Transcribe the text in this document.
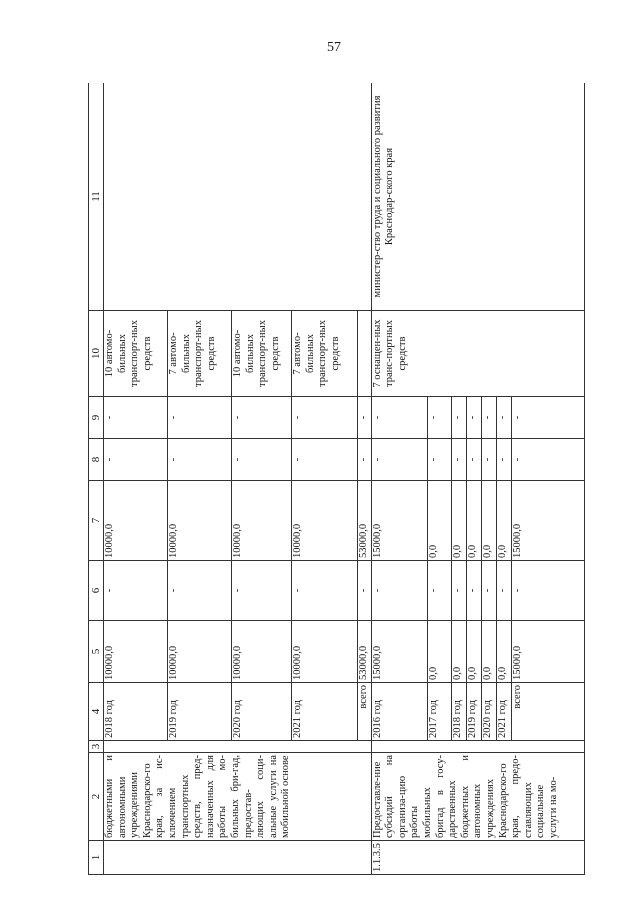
57
1	2	3	4	5	6	7	8	9	10	11
	бюджетными и автономными учреждениями Краснодарско-го края, за ис-ключением транспортных средств, пред-назначенных для работы мо-бильных бри-гад, предостав-ляющих соци-альные услуги на мобильной основе		2018 год	10000,0	-	10000,0	-	-	10 автомо-бильных транспорт-ных средств	
			2019 год	10000,0	-	10000,0	-	-	7 автомо-бильных транспорт-ных средств	
			2020 год	10000,0	-	10000,0	-	-	10 автомо-бильных транспорт-ных средств	
			2021 год	10000,0	-	10000,0	-	-	7 автомо-бильных транспорт-ных средств	
			всего	53000,0	-	53000,0	-	-		
1.1.3.5	Предоставле-ние субсидий на организа-цию работы мобильных бригад в госу-дарственных бюджетных и автономных учреждениях Краснодарско-го края, предо-ставляющих социальные услуги на мо-		2016 год	15000,0	-	15000,0	-	-	7 оснащен-ных транс-портных средств	министер-ство труда и социального развития Краснодар-ского края
			2017 год	0,0	-	0,0	-	-		
			2018 год	0,0	-	0,0	-	-		
			2019 год	0,0	-	0,0	-	-		
			2020 год	0,0	-	0,0	-	-		
			2021 год	0,0	-	0,0	-	-		
			всего	15000,0	-	15000,0	-	-		
